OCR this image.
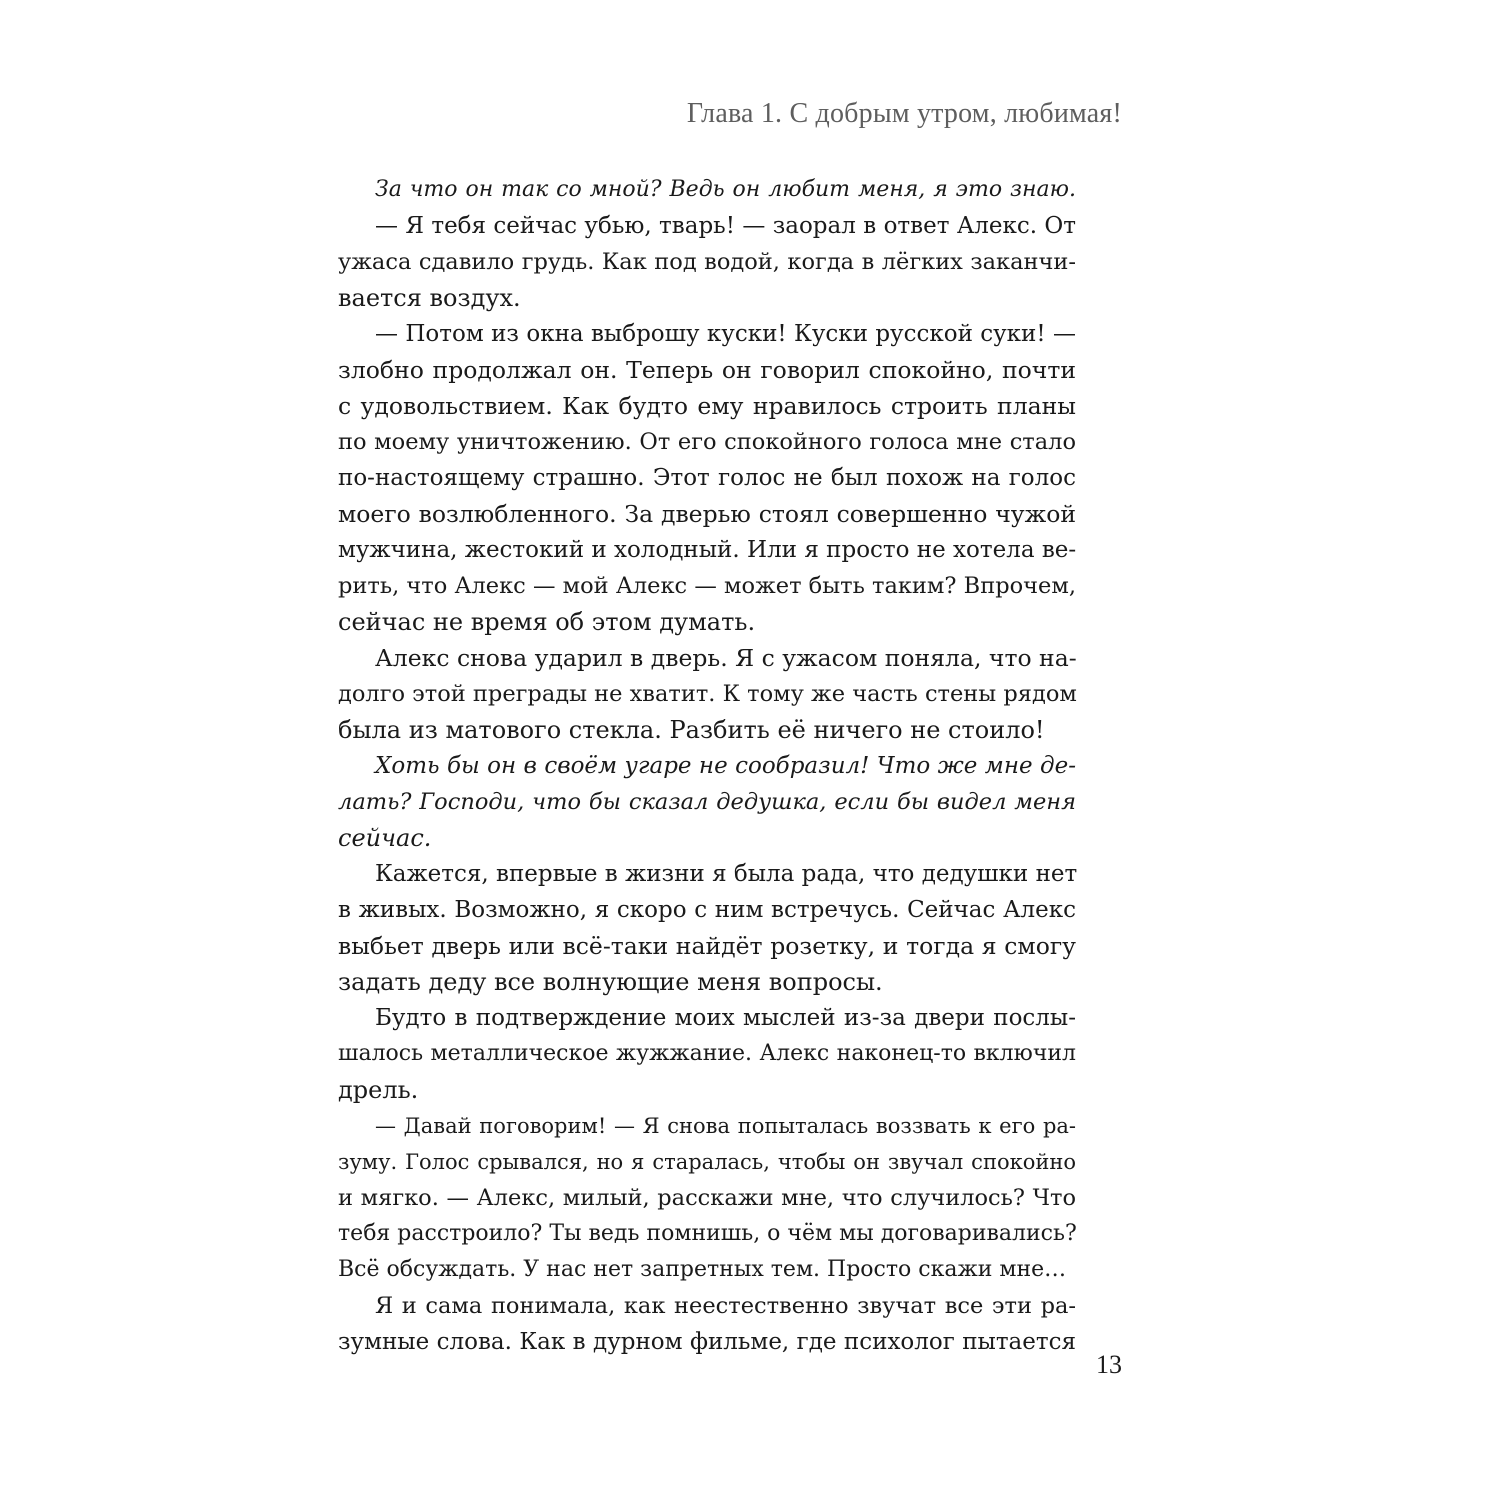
Глава 1. С добрым утром, любимая!
За что он так со мной? Ведь он любит меня, я это знаю.
— Я тебя сейчас убью, тварь! — заорал в ответ Алекс. От
ужаса сдавило грудь. Как под водой, когда в лёгких заканчи-
вается воздух.
— Потом из окна выброшу куски! Куски русской суки! —
злобно продолжал он. Теперь он говорил спокойно, почти
с удовольствием. Как будто ему нравилось строить планы
по моему уничтожению. От его спокойного голоса мне стало
по-настоящему страшно. Этот голос не был похож на голос
моего возлюбленного. За дверью стоял совершенно чужой
мужчина, жестокий и холодный. Или я просто не хотела ве-
рить, что Алекс — мой Алекс — может быть таким? Впрочем,
сейчас не время об этом думать.
Алекс снова ударил в дверь. Я с ужасом поняла, что на-
долго этой преграды не хватит. К тому же часть стены рядом
была из матового стекла. Разбить её ничего не стоило!
Хоть бы он в своём угаре не сообразил! Что же мне де-
лать? Господи, что бы сказал дедушка, если бы видел меня
сейчас.
Кажется, впервые в жизни я была рада, что дедушки нет
в живых. Возможно, я скоро с ним встречусь. Сейчас Алекс
выбьет дверь или всё-таки найдёт розетку, и тогда я смогу
задать деду все волнующие меня вопросы.
Будто в подтверждение моих мыслей из-за двери послы-
шалось металлическое жужжание. Алекс наконец-то включил
дрель.
— Давай поговорим! — Я снова попыталась воззвать к его ра-
зуму. Голос срывался, но я старалась, чтобы он звучал спокойно
и мягко. — Алекс, милый, расскажи мне, что случилось? Что
тебя расстроило? Ты ведь помнишь, о чём мы договаривались?
Всё обсуждать. У нас нет запретных тем. Просто скажи мне…
Я и сама понимала, как неестественно звучат все эти ра-
зумные слова. Как в дурном фильме, где психолог пытается
13
